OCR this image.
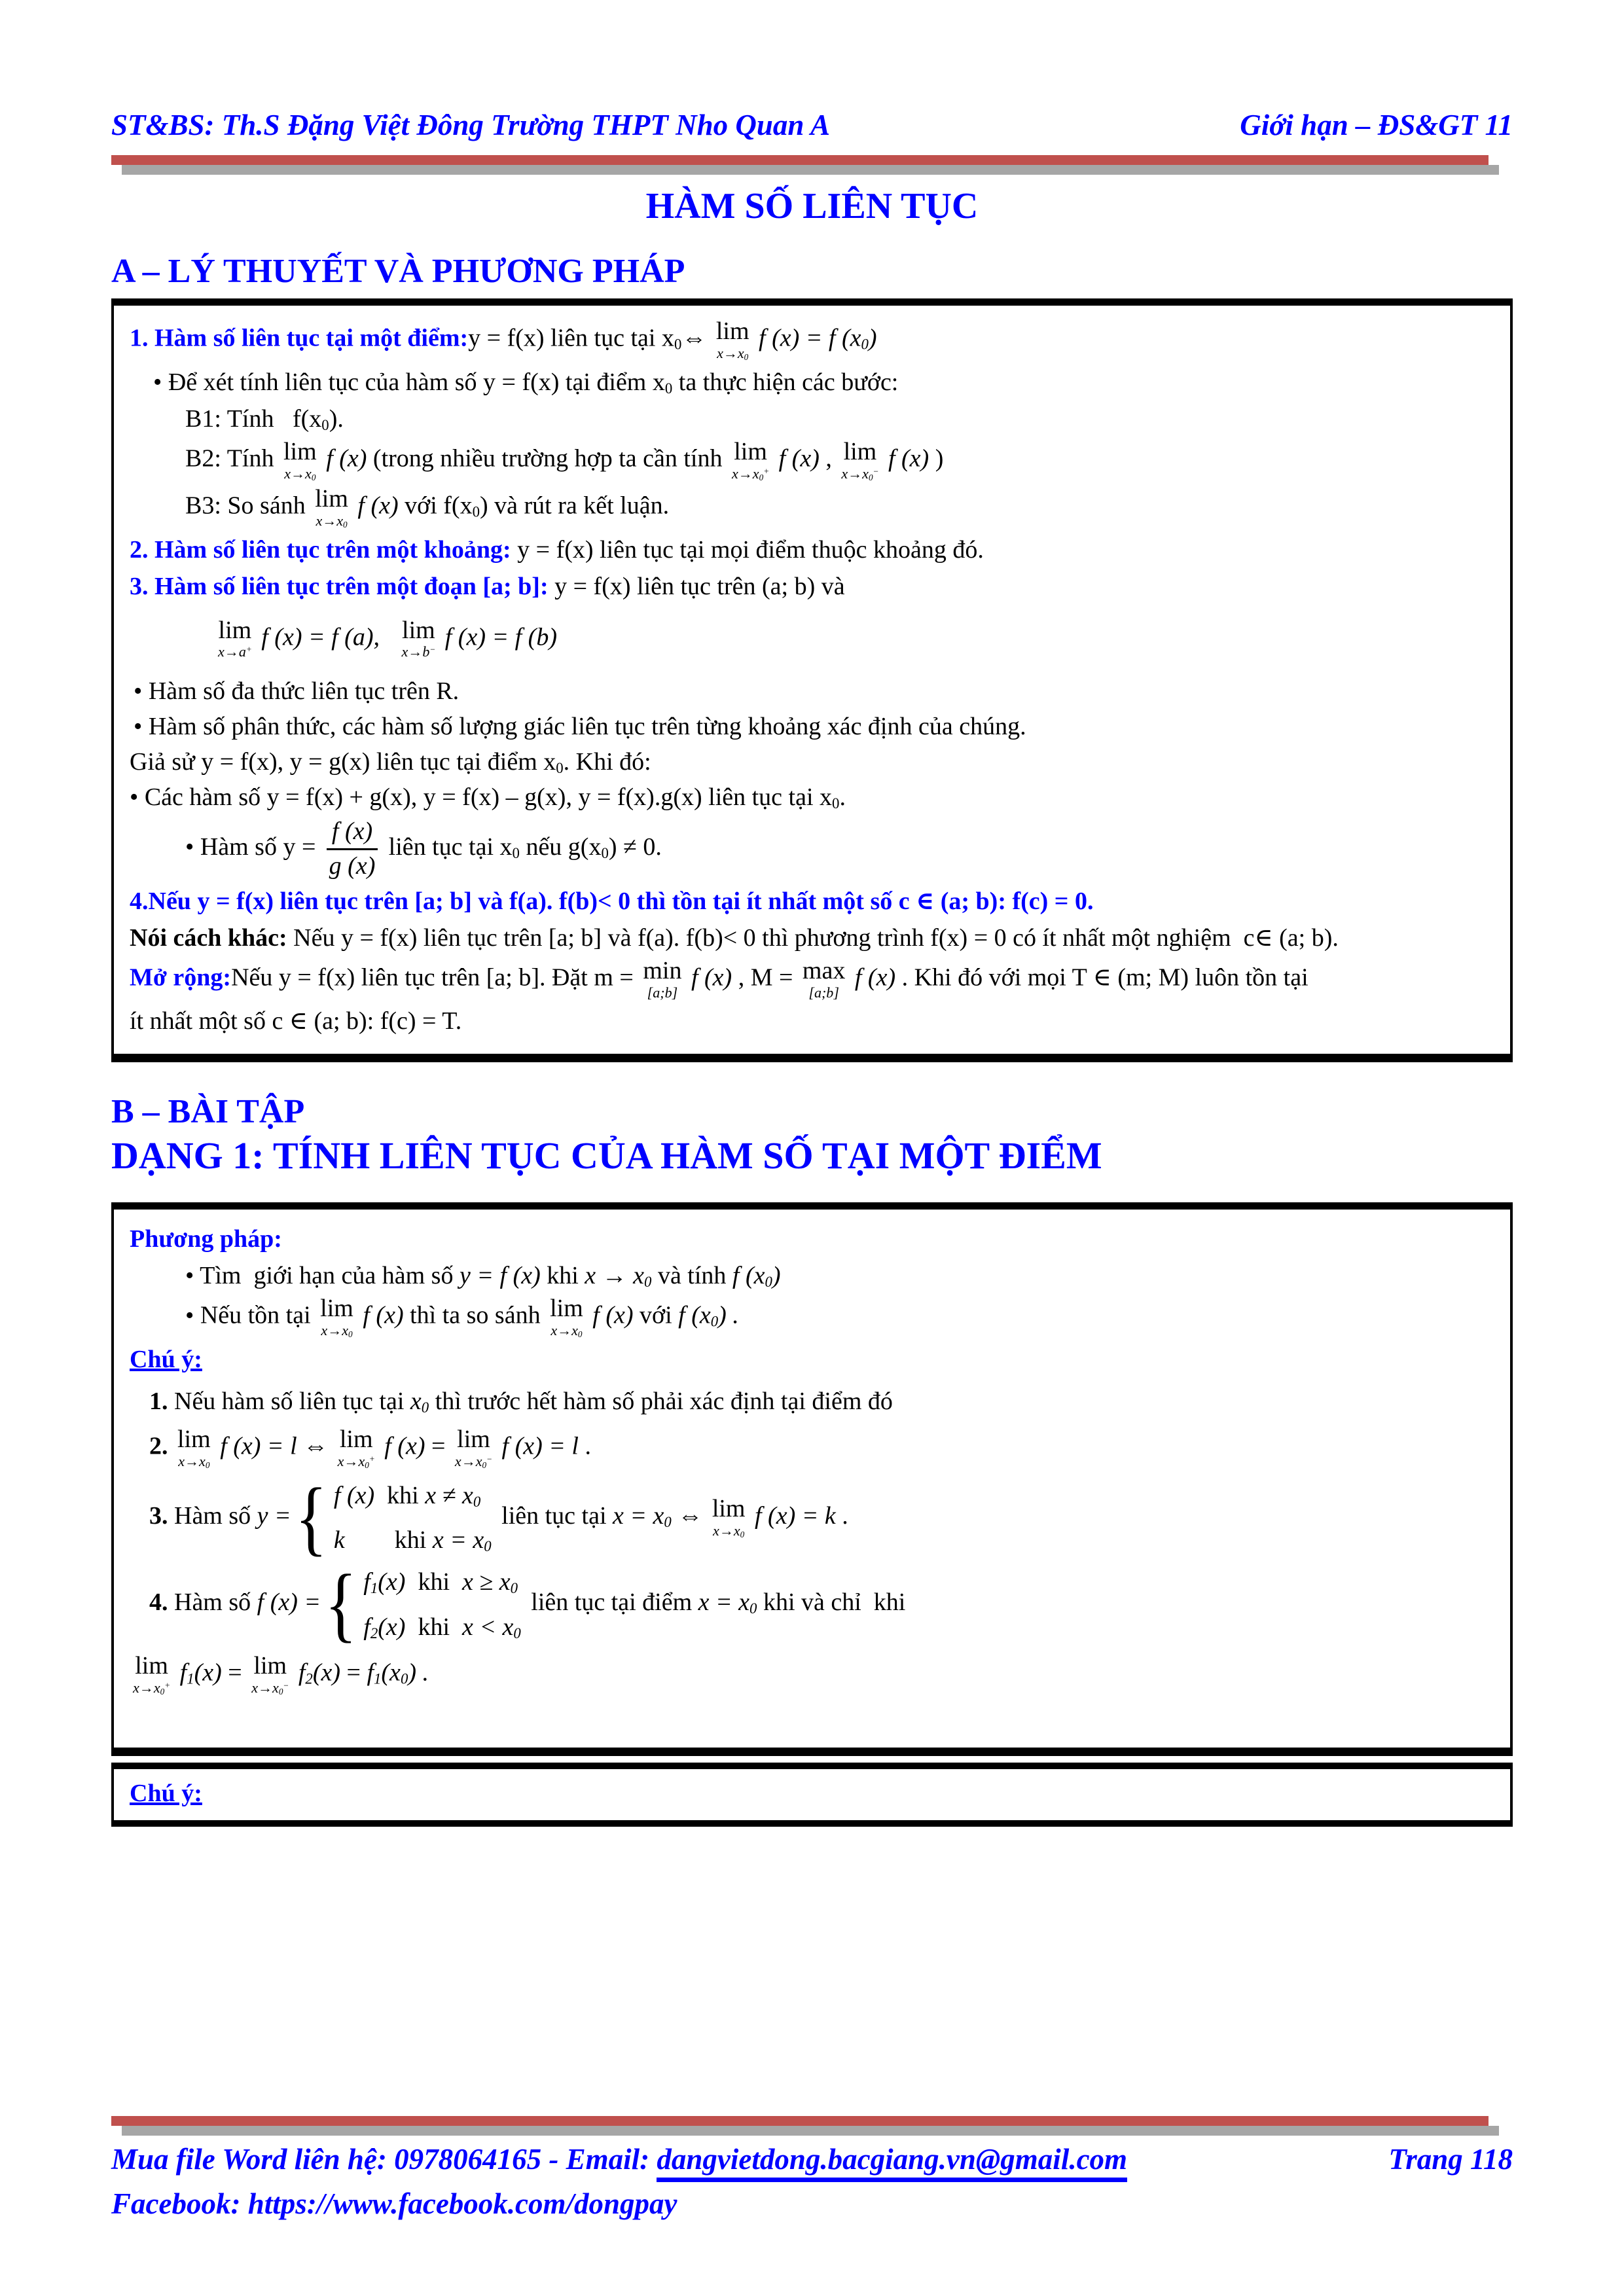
ST&BS: Th.S Đặng Việt Đông Trường THPT Nho Quan A	Giới hạn – ĐS&GT 11
HÀM SỐ LIÊN TỤC
A – LÝ THUYẾT VÀ PHƯƠNG PHÁP
1. Hàm số liên tục tại một điểm:y = f(x) liên tục tại x0⇔ lim
x→x0
f (x) = f (x0)
• Để xét tính liên tục của hàm số y = f(x) tại điểm x0 ta thực hiện các bước:
B1: Tính   f(x0).
B2: Tính lim
x→x0
f (x) (trong nhiều trường hợp ta cần tính lim
x→x0+ f (x) , lim
x→x0− f (x) )
B3: So sánh lim
x→x0
f (x) với f(x0) và rút ra kết luận.
2. Hàm số liên tục trên một khoảng: y = f(x) liên tục tại mọi điểm thuộc khoảng đó.
3. Hàm số liên tục trên một đoạn [a; b]: y = f(x) liên tục trên (a; b) và
lim
x→a+ f (x) = f (a), lim
x→b− f (x) = f (b)
• Hàm số đa thức liên tục trên R.
• Hàm số phân thức, các hàm số lượng giác liên tục trên từng khoảng xác định của chúng.
Giả sử y = f(x), y = g(x) liên tục tại điểm x0. Khi đó:
• Các hàm số y = f(x) + g(x), y = f(x) – g(x), y = f(x).g(x) liên tục tại x0.
• Hàm số $y = \frac{f (x)}{g (x)}$ liên tục tại x0 nếu g(x0) ≠ 0.
4.Nếu y = f(x) liên tục trên [a; b] và f(a). f(b)< 0 thì tồn tại ít nhất một số c ∈ (a; b): f(c) = 0.
Nói cách khác: Nếu y = f(x) liên tục trên [a; b] và f(a). f(b)< 0 thì phương trình f(x) = 0 có ít nhất một nghiệm  c∈ (a; b).
Mở rộng:Nếu y = f(x) liên tục trên [a; b]. Đặt m = min
[a;b]
f (x) , M = max
[a;b]
f (x) . Khi đó với mọi T ∈ (m; M) luôn tồn tại
ít nhất một số c ∈ (a; b): f(c) = T.
B – BÀI TẬP
DẠNG 1: TÍNH LIÊN TỤC CỦA HÀM SỐ TẠI MỘT ĐIỂM
Phương pháp:
• Tìm  giới hạn của hàm số y = f (x) khi x → x0 và tính f (x0)
• Nếu tồn tại lim
x→x0
f (x) thì ta so sánh lim
x→x0
f (x) với f (x0) .
Chú ý:
1. Nếu hàm số liên tục tại x0 thì trước hết hàm số phải xác định tại điểm đó
2. lim
x→x0
f (x) = l ⇔ lim
x→x0+ f (x) = lim
x→x0− f (x) = l .
3. Hàm số y = { f (x)  khi x ≠ x0
k        khi x = x0
liên tục tại x = x0 ⇔ lim
x→x0
f (x) = k .
4. Hàm số f (x) = { f1(x)  khi  x ≥ x0
f2(x)  khi  x < x0
liên tục tại điểm x = x0 khi và chỉ  khi
lim
x→x0+ f1(x) = lim
x→x0− f2(x) = f1(x0) .
Chú ý:
Mua file Word liên hệ: 0978064165 - Email: dangvietdong.bacgiang.vn@gmail.com	Trang 118
Facebook: https://www.facebook.com/dongpay
